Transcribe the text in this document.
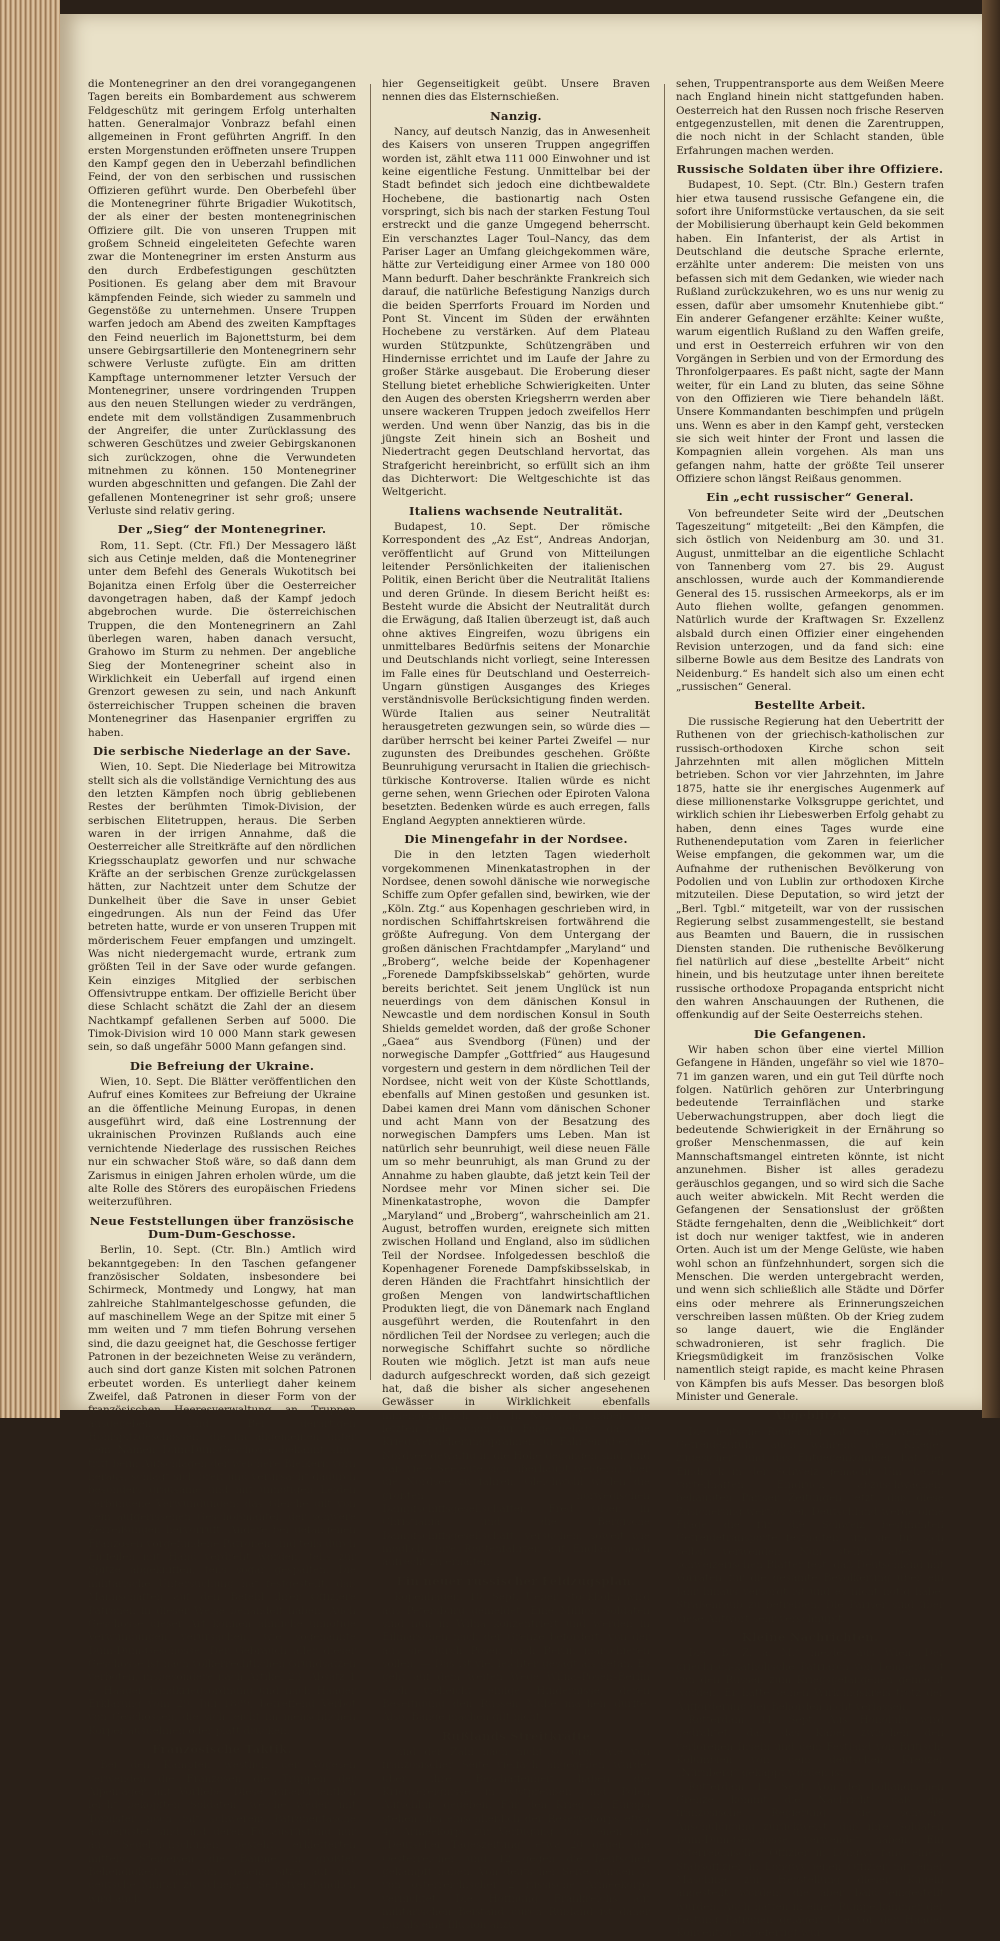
die Montenegriner an den drei vorangegangenen Tagen bereits ein Bombardement aus schwerem Feldgeschütz mit geringem Erfolg unterhalten hatten. Generalmajor Vonbrazz befahl einen allgemeinen in Front geführten Angriff. In den ersten Morgenstunden eröffneten unsere Truppen den Kampf gegen den in Ueberzahl befindlichen Feind, der von den serbischen und russischen Offizieren geführt wurde. Den Oberbefehl über die Montenegriner führte Brigadier Wukotitsch, der als einer der besten montenegrinischen Offiziere gilt. Die von unseren Truppen mit großem Schneid eingeleiteten Gefechte waren zwar die Montenegriner im ersten Ansturm aus den durch Erdbefestigungen geschützten Positionen. Es gelang aber dem mit Bravour kämpfenden Feinde, sich wieder zu sammeln und Gegenstöße zu unternehmen. Unsere Truppen warfen jedoch am Abend des zweiten Kampftages den Feind neuerlich im Bajonettsturm, bei dem unsere Gebirgsartillerie den Montenegrinern sehr schwere Verluste zufügte. Ein am dritten Kampftage unternommener letzter Versuch der Montenegriner, unsere vordringenden Truppen aus den neuen Stellungen wieder zu verdrängen, endete mit dem vollständigen Zusammenbruch der Angreifer, die unter Zurücklassung des schweren Geschützes und zweier Gebirgskanonen sich zurückzogen, ohne die Verwundeten mitnehmen zu können. 150 Montenegriner wurden abgeschnitten und gefangen. Die Zahl der gefallenen Montenegriner ist sehr groß; unsere Verluste sind relativ gering.

Der „Sieg“ der Montenegriner.

Rom, 11. Sept. (Ctr. Ffl.) Der Messagero läßt sich aus Cetinje melden, daß die Montenegriner unter dem Befehl des Generals Wukotitsch bei Bojanitza einen Erfolg über die Oesterreicher davongetragen haben, daß der Kampf jedoch abgebrochen wurde. Die österreichischen Truppen, die den Montenegrinern an Zahl überlegen waren, haben danach versucht, Grahowo im Sturm zu nehmen. Der angebliche Sieg der Montenegriner scheint also in Wirklichkeit ein Ueberfall auf irgend einen Grenzort gewesen zu sein, und nach Ankunft österreichischer Truppen scheinen die braven Montenegriner das Hasenpanier ergriffen zu haben.

Die serbische Niederlage an der Save.

Wien, 10. Sept. Die Niederlage bei Mitrowitza stellt sich als die vollständige Vernichtung des aus den letzten Kämpfen noch übrig gebliebenen Restes der berühmten Timok-Division, der serbischen Elitetruppen, heraus. Die Serben waren in der irrigen Annahme, daß die Oesterreicher alle Streitkräfte auf den nördlichen Kriegsschauplatz geworfen und nur schwache Kräfte an der serbischen Grenze zurückgelassen hätten, zur Nachtzeit unter dem Schutze der Dunkelheit über die Save in unser Gebiet eingedrungen. Als nun der Feind das Ufer betreten hatte, wurde er von unseren Truppen mit mörderischem Feuer empfangen und umzingelt. Was nicht niedergemacht wurde, ertrank zum größten Teil in der Save oder wurde gefangen. Kein einziges Mitglied der serbischen Offensivtruppe entkam. Der offizielle Bericht über diese Schlacht schätzt die Zahl der an diesem Nachtkampf gefallenen Serben auf 5000. Die Timok-Division wird 10 000 Mann stark gewesen sein, so daß ungefähr 5000 Mann gefangen sind.

Die Befreiung der Ukraine.

Wien, 10. Sept. Die Blätter veröffentlichen den Aufruf eines Komitees zur Befreiung der Ukraine an die öffentliche Meinung Europas, in denen ausgeführt wird, daß eine Lostrennung der ukrainischen Provinzen Rußlands auch eine vernichtende Niederlage des russischen Reiches nur ein schwacher Stoß wäre, so daß dann dem Zarismus in einigen Jahren erholen würde, um die alte Rolle des Störers des europäischen Friedens weiterzuführen.

Neue Feststellungen über französische Dum-Dum-Geschosse.

Berlin, 10. Sept. (Ctr. Bln.) Amtlich wird bekanntgegeben: In den Taschen gefangener französischer Soldaten, insbesondere bei Schirmeck, Montmedy und Longwy, hat man zahlreiche Stahlmantelgeschosse gefunden, die auf maschinellem Wege an der Spitze mit einer 5 mm weiten und 7 mm tiefen Bohrung versehen sind, die dazu geeignet hat, die Geschosse fertiger Patronen in der bezeichneten Weise zu verändern, auch sind dort ganze Kisten mit solchen Patronen erbeutet worden. Es unterliegt daher keinem Zweifel, daß Patronen in dieser Form von der französischen Heeresverwaltung an Truppen ausgegeben sind. Bei derartigen Hohlspitzgeschossen, die im allgemeinen unter dem Namen Dum-Dum-Geschosse bekannt sind, tritt beim Aufschlagen der weichere Bleikern vorn heraus, schlägt sich breit und verursacht dadurch besonders grausame und mit unnötigen Leiden verbundene Verwundungen; das Gleiche gilt von dem aufgerissenen Geschoßmantel, der schwere Zerreißungen hervorruft. Andere bei gefangenen Franzosen vorgefundene Patronen sind teils durch Einfeilen mit Hand verdreht worden, teils zur Spitze abgekniffen, teils sogar gespalten. Die militärische Untersuchung hat festgestellt, daß Mannschaften auf den Befehl ihrer Offiziere Patronen in dieser Weise behandelt haben. Auch Geschosse dieser Art können ähnliche unnötige Verwundungen verursachen, wie sogenannte Dum-Dum-Geschosse. Der Gebrauch aller dieser Geschosse ist nach völkerrechtlichen Grundsätzen verboten, insbesondere nach Artikel 23, Absatz 1 e, Haager Landkriegsordnung und nach Haager Erklärung vom 29. Juli 1899, betreffend Verbot von Geschossen, die sich leicht im menschlichen Körper ausdehnen oder platt drücken.

Französische Taktik.

Bei den Kämpfen westlich der Vogesen verwenden die Franzosen die Truppen der Alpenjäger mit Vorliebe. Diese außerordentlich leicht beköpften Soldaten, welche weder mit Tornister noch mit schwerem Patronentasche ausgerüstet sind und deren Fußausrüstung nur aus Segeltuchschuhen besteht, erkletterten mittels Steigeisen die Bäume in größter Behendigkeit, um von diesem Sitze auf das deutsche Militär zu schießen. Selbstverständlich wird auch

hier Gegenseitigkeit geübt. Unsere Braven nennen dies das Elsternschießen.

Nanzig.

Nancy, auf deutsch Nanzig, das in Anwesenheit des Kaisers von unseren Truppen angegriffen worden ist, zählt etwa 111 000 Einwohner und ist keine eigentliche Festung. Unmittelbar bei der Stadt befindet sich jedoch eine dichtbewaldete Hochebene, die bastionartig nach Osten vorspringt, sich bis nach der starken Festung Toul erstreckt und die ganze Umgegend beherrscht. Ein verschanztes Lager Toul–Nancy, das dem Pariser Lager an Umfang gleichgekommen wäre, hätte zur Verteidigung einer Armee von 180 000 Mann bedurft. Daher beschränkte Frankreich sich darauf, die natürliche Befestigung Nanzigs durch die beiden Sperrforts Frouard im Norden und Pont St. Vincent im Süden der erwähnten Hochebene zu verstärken. Auf dem Plateau wurden Stützpunkte, Schützengräben und Hindernisse errichtet und im Laufe der Jahre zu großer Stärke ausgebaut. Die Eroberung dieser Stellung bietet erhebliche Schwierigkeiten. Unter den Augen des obersten Kriegsherrn werden aber unsere wackeren Truppen jedoch zweifellos Herr werden. Und wenn über Nanzig, das bis in die jüngste Zeit hinein sich an Bosheit und Niedertracht gegen Deutschland hervortat, das Strafgericht hereinbricht, so erfüllt sich an ihm das Dichterwort: Die Weltgeschichte ist das Weltgericht.

Italiens wachsende Neutralität.

Budapest, 10. Sept. Der römische Korrespondent des „Az Est“, Andreas Andorjan, veröffentlicht auf Grund von Mitteilungen leitender Persönlichkeiten der italienischen Politik, einen Bericht über die Neutralität Italiens und deren Gründe. In diesem Bericht heißt es: Besteht wurde die Absicht der Neutralität durch die Erwägung, daß Italien überzeugt ist, daß auch ohne aktives Eingreifen, wozu übrigens ein unmittelbares Bedürfnis seitens der Monarchie und Deutschlands nicht vorliegt, seine Interessen im Falle eines für Deutschland und Oesterreich-Ungarn günstigen Ausganges des Krieges verständnisvolle Berücksichtigung finden werden. Würde Italien aus seiner Neutralität herausgetreten gezwungen sein, so würde dies — darüber herrscht bei keiner Partei Zweifel — nur zugunsten des Dreibundes geschehen. Größte Beunruhigung verursacht in Italien die griechisch-türkische Kontroverse. Italien würde es nicht gerne sehen, wenn Griechen oder Epiroten Valona besetzten. Bedenken würde es auch erregen, falls England Aegypten annektieren würde.

Die Minengefahr in der Nordsee.

Die in den letzten Tagen wiederholt vorgekommenen Minenkatastrophen in der Nordsee, denen sowohl dänische wie norwegische Schiffe zum Opfer gefallen sind, bewirken, wie der „Köln. Ztg.“ aus Kopenhagen geschrieben wird, in nordischen Schiffahrtskreisen fortwährend die größte Aufregung. Von dem Untergang der großen dänischen Frachtdampfer „Maryland“ und „Broberg“, welche beide der Kopenhagener „Forenede Dampfskibsselskab“ gehörten, wurde bereits berichtet. Seit jenem Unglück ist nun neuerdings von dem dänischen Konsul in Newcastle und dem nordischen Konsul in South Shields gemeldet worden, daß der große Schoner „Gaea“ aus Svendborg (Fünen) und der norwegische Dampfer „Gottfried“ aus Haugesund vorgestern und gestern in dem nördlichen Teil der Nordsee, nicht weit von der Küste Schottlands, ebenfalls auf Minen gestoßen und gesunken ist. Dabei kamen drei Mann vom dänischen Schoner und acht Mann von der Besatzung des norwegischen Dampfers ums Leben. Man ist natürlich sehr beunruhigt, weil diese neuen Fälle um so mehr beunruhigt, als man Grund zu der Annahme zu haben glaubte, daß jetzt kein Teil der Nordsee mehr vor Minen sicher sei. Die Minenkatastrophe, wovon die Dampfer „Maryland“ und „Broberg“, wahrscheinlich am 21. August, betroffen wurden, ereignete sich mitten zwischen Holland und England, also im südlichen Teil der Nordsee. Infolgedessen beschloß die Kopenhagener Forenede Dampfskibsselskab, in deren Händen die Frachtfahrt hinsichtlich der großen Mengen von landwirtschaftlichen Produkten liegt, die von Dänemark nach England ausgeführt werden, die Routenfahrt in den nördlichen Teil der Nordsee zu verlegen; auch die norwegische Schiffahrt suchte so nördliche Routen wie möglich. Jetzt ist man aufs neue dadurch aufgeschreckt worden, daß sich gezeigt hat, daß die bisher als sicher angesehenen Gewässer in Wirklichkeit ebenfalls minengefährlich sind. In Norwegen haben die letzten Fälle schon zur Folge gehabt, daß die Kriegsversicherungsprämien für Fahrten über die Nordsee gewaltig in die Höhe gegangen sind, und daß viele Seeleute sich überhaupt weigern, über die Nordsee zu fahren. Gleichwohl wollen die größten norwegischen Dampfschiffsgesellschaften, Fred Olsen in Christiania und die Bergische Dampfschiffsgesellschaft, versuchen, soweit wie möglich, ihre Routenfahrten auf England noch aufrecht zu erhalten.

Ein neuer russischer Feldzugsplan.

Kopenhagen, 10. Sept. Ueber Stockholm wird aus Petersburg gemeldet: Eine Million Soldaten sind nun in Wilna konzentriert und werden in Eilmärschen nach der Grenze befördert, von der aus sie durch Posen nach Berlin marschieren sollen. — Das ist viel leichter gesagt als getan. Es geht auf dem weiten Wege Wilna–Posen–Berlin doch vielleicht einige Hindernisse, deren Beseitigung den Russen Mühe machen dürfte. Also: Bange machen gilt nicht.

Rußlands Streitkräfte

sind der Zahl nach nicht so groß wie von französischer Seite vielfach angegeben wurde, über ihre Beschaffenheit haben die Kriegsereignisse in Ostpreußen und Polen Aufschluß gegeben. Für den Krieg in Europa stehen ihm einschließlich der Reservekorps etwa 40 Armeekorps zur Verfügung, von denen laut „Deutscher Tageszeitung“ etwa 20 gegen die Oesterreicher und 12 gegen die Deutschen gekämpft haben. Von deutscher Seite wurden 5, von österreichischer 2 russische Armeekorps vernichtet. Die Hoffnung Frankreichs auf militärischen Beistand durch Rußland ist daher nur als eine Illusion anzu-

sehen, Truppentransporte aus dem Weißen Meere nach England hinein nicht stattgefunden haben. Oesterreich hat den Russen noch frische Reserven entgegenzustellen, mit denen die Zarentruppen, die noch nicht in der Schlacht standen, üble Erfahrungen machen werden.

Russische Soldaten über ihre Offiziere.

Budapest, 10. Sept. (Ctr. Bln.) Gestern trafen hier etwa tausend russische Gefangene ein, die sofort ihre Uniformstücke vertauschen, da sie seit der Mobilisierung überhaupt kein Geld bekommen haben. Ein Infanterist, der als Artist in Deutschland die deutsche Sprache erlernte, erzählte unter anderem: Die meisten von uns befassen sich mit dem Gedanken, wie wieder nach Rußland zurückzukehren, wo es uns nur wenig zu essen, dafür aber umsomehr Knutenhiebe gibt.“ Ein anderer Gefangener erzählte: Keiner wußte, warum eigentlich Rußland zu den Waffen greife, und erst in Oesterreich erfuhren wir von den Vorgängen in Serbien und von der Ermordung des Thronfolgerpaares. Es paßt nicht, sagte der Mann weiter, für ein Land zu bluten, das seine Söhne von den Offizieren wie Tiere behandeln läßt. Unsere Kommandanten beschimpfen und prügeln uns. Wenn es aber in den Kampf geht, verstecken sie sich weit hinter der Front und lassen die Kompagnien allein vorgehen. Als man uns gefangen nahm, hatte der größte Teil unserer Offiziere schon längst Reißaus genommen.

Ein „echt russischer“ General.

Von befreundeter Seite wird der „Deutschen Tageszeitung“ mitgeteilt: „Bei den Kämpfen, die sich östlich von Neidenburg am 30. und 31. August, unmittelbar an die eigentliche Schlacht von Tannenberg vom 27. bis 29. August anschlossen, wurde auch der Kommandierende General des 15. russischen Armeekorps, als er im Auto fliehen wollte, gefangen genommen. Natürlich wurde der Kraftwagen Sr. Exzellenz alsbald durch einen Offizier einer eingehenden Revision unterzogen, und da fand sich: eine silberne Bowle aus dem Besitze des Landrats von Neidenburg.“ Es handelt sich also um einen echt „russischen“ General.

Bestellte Arbeit.

Die russische Regierung hat den Uebertritt der Ruthenen von der griechisch-katholischen zur russisch-orthodoxen Kirche schon seit Jahrzehnten mit allen möglichen Mitteln betrieben. Schon vor vier Jahrzehnten, im Jahre 1875, hatte sie ihr energisches Augenmerk auf diese millionenstarke Volksgruppe gerichtet, und wirklich schien ihr Liebeswerben Erfolg gehabt zu haben, denn eines Tages wurde eine Ruthenendeputation vom Zaren in feierlicher Weise empfangen, die gekommen war, um die Aufnahme der ruthenischen Bevölkerung von Podolien und von Lublin zur orthodoxen Kirche mitzuteilen. Diese Deputation, so wird jetzt der „Berl. Tgbl.“ mitgeteilt, war von der russischen Regierung selbst zusammengestellt, sie bestand aus Beamten und Bauern, die in russischen Diensten standen. Die ruthenische Bevölkerung fiel natürlich auf diese „bestellte Arbeit“ nicht hinein, und bis heutzutage unter ihnen bereitete russische orthodoxe Propaganda entspricht nicht den wahren Anschauungen der Ruthenen, die offenkundig auf der Seite Oesterreichs stehen.

Die Gefangenen.

Wir haben schon über eine viertel Million Gefangene in Händen, ungefähr so viel wie 1870–71 im ganzen waren, und ein gut Teil dürfte noch folgen. Natürlich gehören zur Unterbringung bedeutende Terrainflächen und starke Ueberwachungstruppen, aber doch liegt die bedeutende Schwierigkeit in der Ernährung so großer Menschenmassen, die auf kein Mannschaftsmangel eintreten könnte, ist nicht anzunehmen. Bisher ist alles geradezu geräuschlos gegangen, und so wird sich die Sache auch weiter abwickeln. Mit Recht werden die Gefangenen der Sensationslust der größten Städte ferngehalten, denn die „Weiblichkeit“ dort ist doch nur weniger taktfest, wie in anderen Orten. Auch ist um der Menge Gelüste, wie haben wohl schon an fünfzehnhundert, sorgen sich die Menschen. Die werden untergebracht werden, und wenn sich schließlich alle Städte und Dörfer eins oder mehrere als Erinnerungszeichen verschreiben lassen müßten. Ob der Krieg zudem so lange dauert, wie die Engländer schwadronieren, ist sehr fraglich. Die Kriegsmüdigkeit im französischen Volke namentlich steigt rapide, es macht keine Phrasen von Kämpfen bis aufs Messer. Das besorgen bloß Minister und Generale.

Abgeblitzt.

Die deutsche Regierung hat der Schweiz die Getreidezufuhr auch während des Krieges zugesichert und das Entgegenkommen hat viel Eindruck in der Schweiz gemacht. Um diesen vorteilhaften Eindruck abzuschwächen, behaupten Pariser Zeitungen jetzt, daß diese Zusicherung wertlos sei, Deutschland werde ohne Frage die für die Schweiz bestimmten Getreidetransporte festhalten, um sie für sich selbst verwenden. Nun stellen aber die schweizerischen Blätter fest, daß Deutschland mit Vorräten für die gesamte Bevölkerung über ein Jahr hinaus versorgt ist und es nicht nötig habe, Straßenraub zu betreiben. Die Pariser sind über diese Antwort sehr verschnupft.

Kleine Nachrichten.

Die „B. Z. a. M.“ meldet aus Wien: Der griechisch-katholische Patriarch von Lemberg ist von den Russen zum Kriegsgefangenen gemacht worden. Er hatte seinen Wirkungskreis trotz der Aufforderung der Behörden nicht verlassen.

Rotterdam, 11. Sept. Aus Honolulu wird gedrahtet, daß das Kabel zwischen den verlorenen Inseln und dem Festland von Britisch-Kolumbien von dem deutschen Kreuzer „Nürnberg“ gekappt worden ist.

Rotterdam, 11. Sept. Von der holländischen Grenze kommt die Nachricht, daß die französische Regierung die schwere Anschuldigung zurückweist, daß ihre Soldaten Dum-Dum-Geschosse verwendet haben. Ein österreichischer Offizier in Longwy fand einem Stabsoffizier in Longwy jenen Offizier mit einer Maschine zur Herstellung dieser Kugeln angestellt worden, die aber bald eingestellt wurden. Auch hätten in einer Rumpelkammer der Festung Patronen gelagert, die vor der Haager Konvention angefertigt wur-
